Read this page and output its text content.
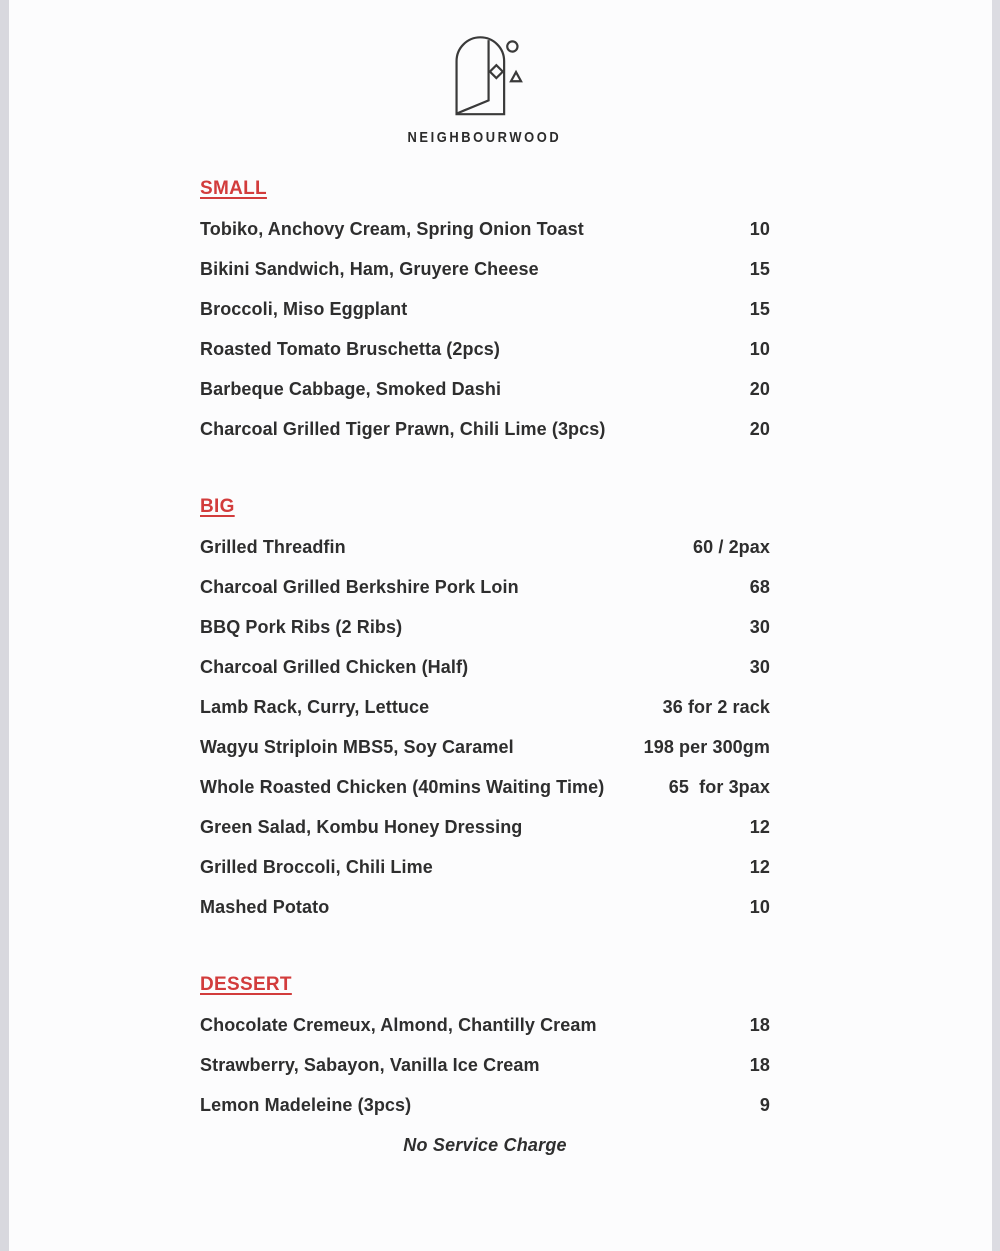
NEIGHBOURWOOD
SMALL
Tobiko, Anchovy Cream, Spring Onion Toast	10
Bikini Sandwich, Ham, Gruyere Cheese	15
Broccoli, Miso Eggplant	15
Roasted Tomato Bruschetta (2pcs)	10
Barbeque Cabbage, Smoked Dashi	20
Charcoal Grilled Tiger Prawn, Chili Lime (3pcs)	20
BIG
Grilled Threadfin	60 / 2pax
Charcoal Grilled Berkshire Pork Loin	68
BBQ Pork Ribs (2 Ribs)	30
Charcoal Grilled Chicken (Half)	30
Lamb Rack, Curry, Lettuce	36 for 2 rack
Wagyu Striploin MBS5, Soy Caramel	198 per 300gm
Whole Roasted Chicken (40mins Waiting Time)	65  for 3pax
Green Salad, Kombu Honey Dressing	12
Grilled Broccoli, Chili Lime	12
Mashed Potato	10
DESSERT
Chocolate Cremeux, Almond, Chantilly Cream	18
Strawberry, Sabayon, Vanilla Ice Cream	18
Lemon Madeleine (3pcs)	9
No Service Charge
